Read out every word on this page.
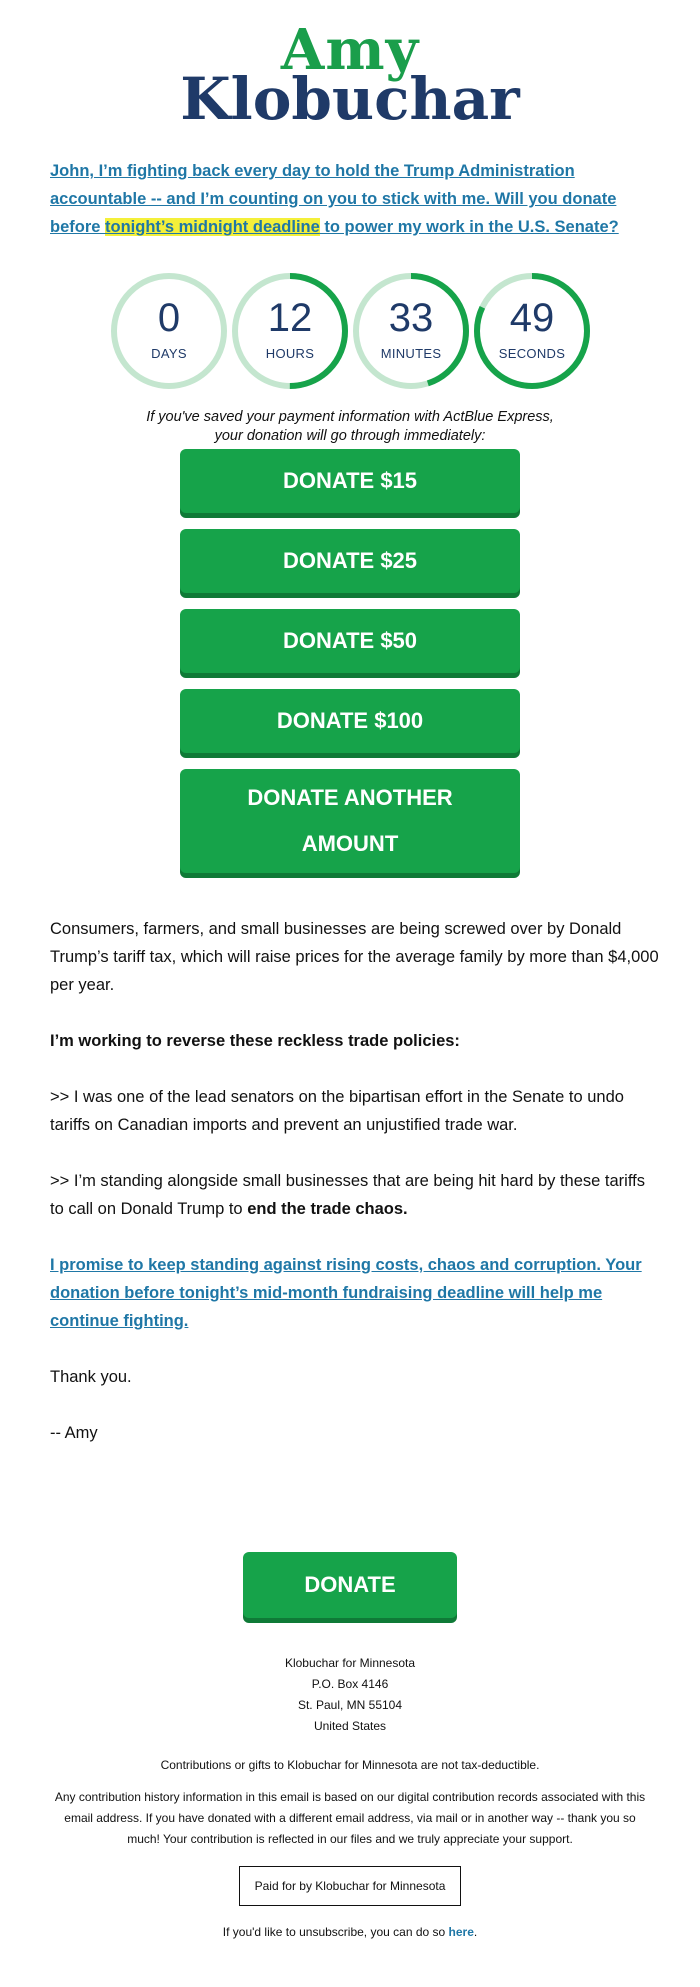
Amy
Klobuchar
John, I’m fighting back every day to hold the Trump Administration accountable -- and I’m counting on you to stick with me. Will you donate before tonight’s midnight deadline to power my work in the U.S. Senate?
0
DAYS
12
HOURS
33
MINUTES
49
SECONDS
If you've saved your payment information with ActBlue Express,
your donation will go through immediately:
DONATE $15
DONATE $25
DONATE $50
DONATE $100
DONATE ANOTHER
AMOUNT
Consumers, farmers, and small businesses are being screwed over by Donald Trump’s tariff tax, which will raise prices for the average family by more than $4,000 per year.
I’m working to reverse these reckless trade policies:
>> I was one of the lead senators on the bipartisan effort in the Senate to undo tariffs on Canadian imports and prevent an unjustified trade war.
>> I’m standing alongside small businesses that are being hit hard by these tariffs to call on Donald Trump to end the trade chaos.
I promise to keep standing against rising costs, chaos and corruption. Your donation before tonight’s mid-month fundraising deadline will help me continue fighting.
Thank you.
-- Amy
DONATE
Klobuchar for Minnesota
P.O. Box 4146
St. Paul, MN 55104
United States
Contributions or gifts to Klobuchar for Minnesota are not tax-deductible.
Any contribution history information in this email is based on our digital contribution records associated with this email address. If you have donated with a different email address, via mail or in another way -- thank you so much! Your contribution is reflected in our files and we truly appreciate your support.
Paid for by Klobuchar for Minnesota
If you'd like to unsubscribe, you can do so here.
